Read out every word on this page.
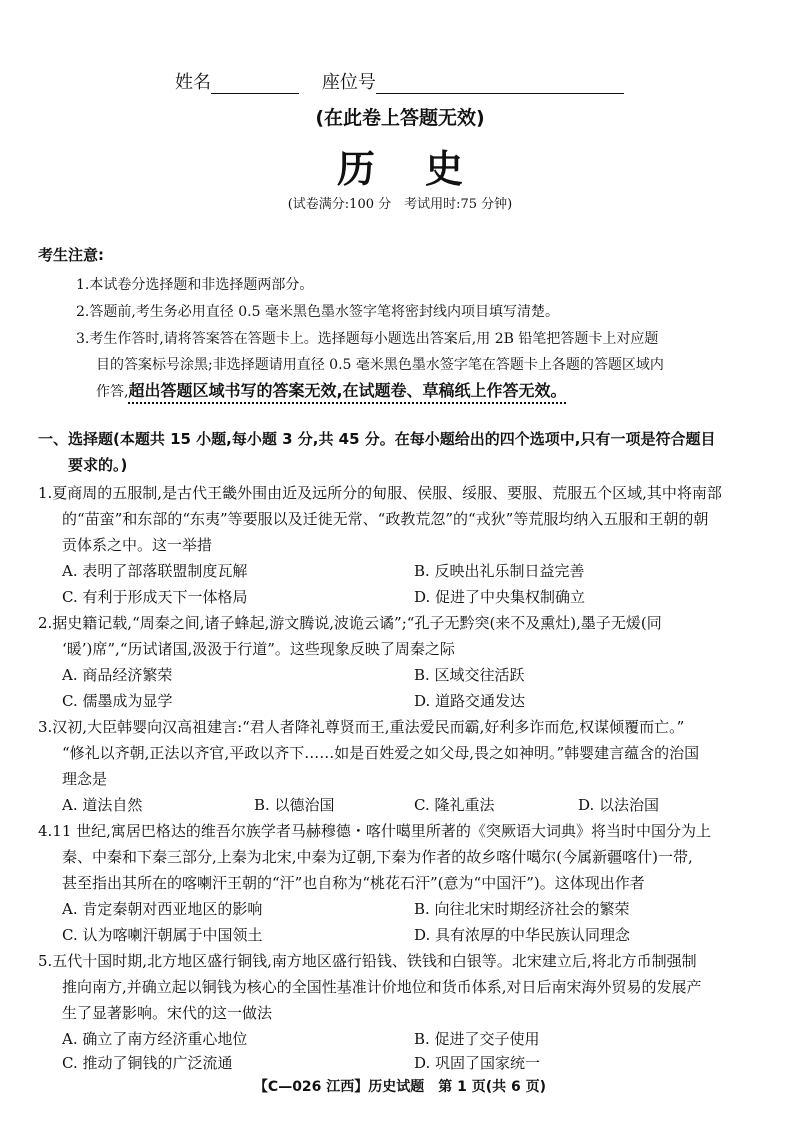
姓名	座位号
(在此卷上答题无效)
历史
(试卷满分:100 分　考试用时:75 分钟)
考生注意:
1.本试卷分选择题和非选择题两部分。
2.答题前,考生务必用直径 0.5 毫米黑色墨水签字笔将密封线内项目填写清楚。
3.考生作答时,请将答案答在答题卡上。选择题每小题选出答案后,用 2B 铅笔把答题卡上对应题
目的答案标号涂黑;非选择题请用直径 0.5 毫米黑色墨水签字笔在答题卡上各题的答题区域内
作答,超出答题区域书写的答案无效,在试题卷、草稿纸上作答无效。
一、选择题(本题共 15 小题,每小题 3 分,共 45 分。在每小题给出的四个选项中,只有一项是符合题目
要求的。)
1.夏商周的五服制,是古代王畿外围由近及远所分的甸服、侯服、绥服、要服、荒服五个区域,其中将南部
的“苗蛮”和东部的“东夷”等要服以及迁徙无常、“政教荒忽”的“戎狄”等荒服均纳入五服和王朝的朝
贡体系之中。这一举措
A. 表明了部落联盟制度瓦解	B. 反映出礼乐制日益完善
C. 有利于形成天下一体格局	D. 促进了中央集权制确立
2.据史籍记载,“周秦之间,诸子蜂起,游文腾说,波诡云谲”;“孔子无黔突(来不及熏灶),墨子无煖(同
‘暖’)席”,“历试诸国,汲汲于行道”。这些现象反映了周秦之际
A. 商品经济繁荣	B. 区域交往活跃
C. 儒墨成为显学	D. 道路交通发达
3.汉初,大臣韩婴向汉高祖建言:“君人者降礼尊贤而王,重法爱民而霸,好利多诈而危,权谋倾覆而亡。”
“修礼以齐朝,正法以齐官,平政以齐下……如是百姓爱之如父母,畏之如神明。”韩婴建言蕴含的治国
理念是
A. 道法自然	B. 以德治国	C. 隆礼重法	D. 以法治国
4.11 世纪,寓居巴格达的维吾尔族学者马赫穆德・喀什噶里所著的《突厥语大词典》将当时中国分为上
秦、中秦和下秦三部分,上秦为北宋,中秦为辽朝,下秦为作者的故乡喀什噶尔(今属新疆喀什)一带,
甚至指出其所在的喀喇汗王朝的“汗”也自称为“桃花石汗”(意为“中国汗”)。这体现出作者
A. 肯定秦朝对西亚地区的影响	B. 向往北宋时期经济社会的繁荣
C. 认为喀喇汗朝属于中国领土	D. 具有浓厚的中华民族认同理念
5.五代十国时期,北方地区盛行铜钱,南方地区盛行铅钱、铁钱和白银等。北宋建立后,将北方币制强制
推向南方,并确立起以铜钱为核心的全国性基准计价地位和货币体系,对日后南宋海外贸易的发展产
生了显著影响。宋代的这一做法
A. 确立了南方经济重心地位	B. 促进了交子使用
C. 推动了铜钱的广泛流通	D. 巩固了国家统一
【C—026 江西】历史试题　第 1 页(共 6 页)
